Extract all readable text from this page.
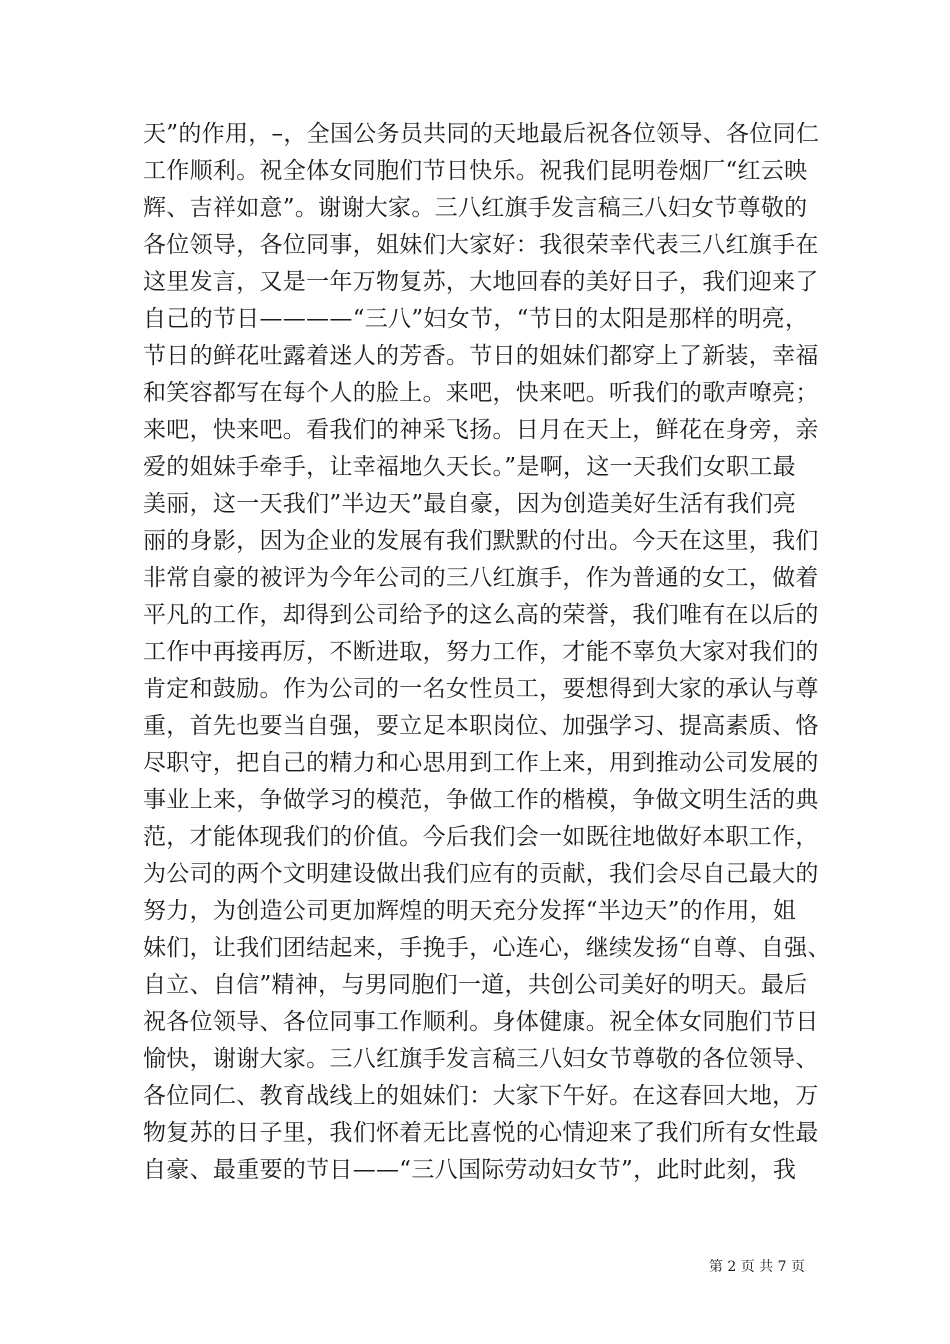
天”的作用，–，全国公务员共同的天地最后祝各位领导、各位同仁
工作顺利。祝全体女同胞们节日快乐。祝我们昆明卷烟厂“红云映
辉、吉祥如意”。谢谢大家。三八红旗手发言稿三八妇女节尊敬的
各位领导，各位同事，姐妹们大家好：我很荣幸代表三八红旗手在
这里发言，又是一年万物复苏，大地回春的美好日子，我们迎来了
自己的节日————“三八”妇女节，“节日的太阳是那样的明亮，
节日的鲜花吐露着迷人的芳香。节日的姐妹们都穿上了新装，幸福
和笑容都写在每个人的脸上。来吧，快来吧。听我们的歌声嘹亮；
来吧，快来吧。看我们的神采飞扬。日月在天上，鲜花在身旁，亲
爱的姐妹手牵手，让幸福地久天长。”是啊，这一天我们女职工最
美丽，这一天我们”半边天”最自豪，因为创造美好生活有我们亮
丽的身影，因为企业的发展有我们默默的付出。今天在这里，我们
非常自豪的被评为今年公司的三八红旗手，作为普通的女工，做着
平凡的工作，却得到公司给予的这么高的荣誉，我们唯有在以后的
工作中再接再厉，不断进取，努力工作，才能不辜负大家对我们的
肯定和鼓励。作为公司的一名女性员工，要想得到大家的承认与尊
重，首先也要当自强，要立足本职岗位、加强学习、提高素质、恪
尽职守，把自己的精力和心思用到工作上来，用到推动公司发展的
事业上来，争做学习的模范，争做工作的楷模，争做文明生活的典
范，才能体现我们的价值。今后我们会一如既往地做好本职工作，
为公司的两个文明建设做出我们应有的贡献，我们会尽自己最大的
努力，为创造公司更加辉煌的明天充分发挥“半边天”的作用，姐
妹们，让我们团结起来，手挽手，心连心，继续发扬“自尊、自强、
自立、自信”精神，与男同胞们一道，共创公司美好的明天。最后
祝各位领导、各位同事工作顺利。身体健康。祝全体女同胞们节日
愉快，谢谢大家。三八红旗手发言稿三八妇女节尊敬的各位领导、
各位同仁、教育战线上的姐妹们：大家下午好。在这春回大地，万
物复苏的日子里，我们怀着无比喜悦的心情迎来了我们所有女性最
自豪、最重要的节日——“三八国际劳动妇女节”，此时此刻，我
第 2 页 共 7 页
